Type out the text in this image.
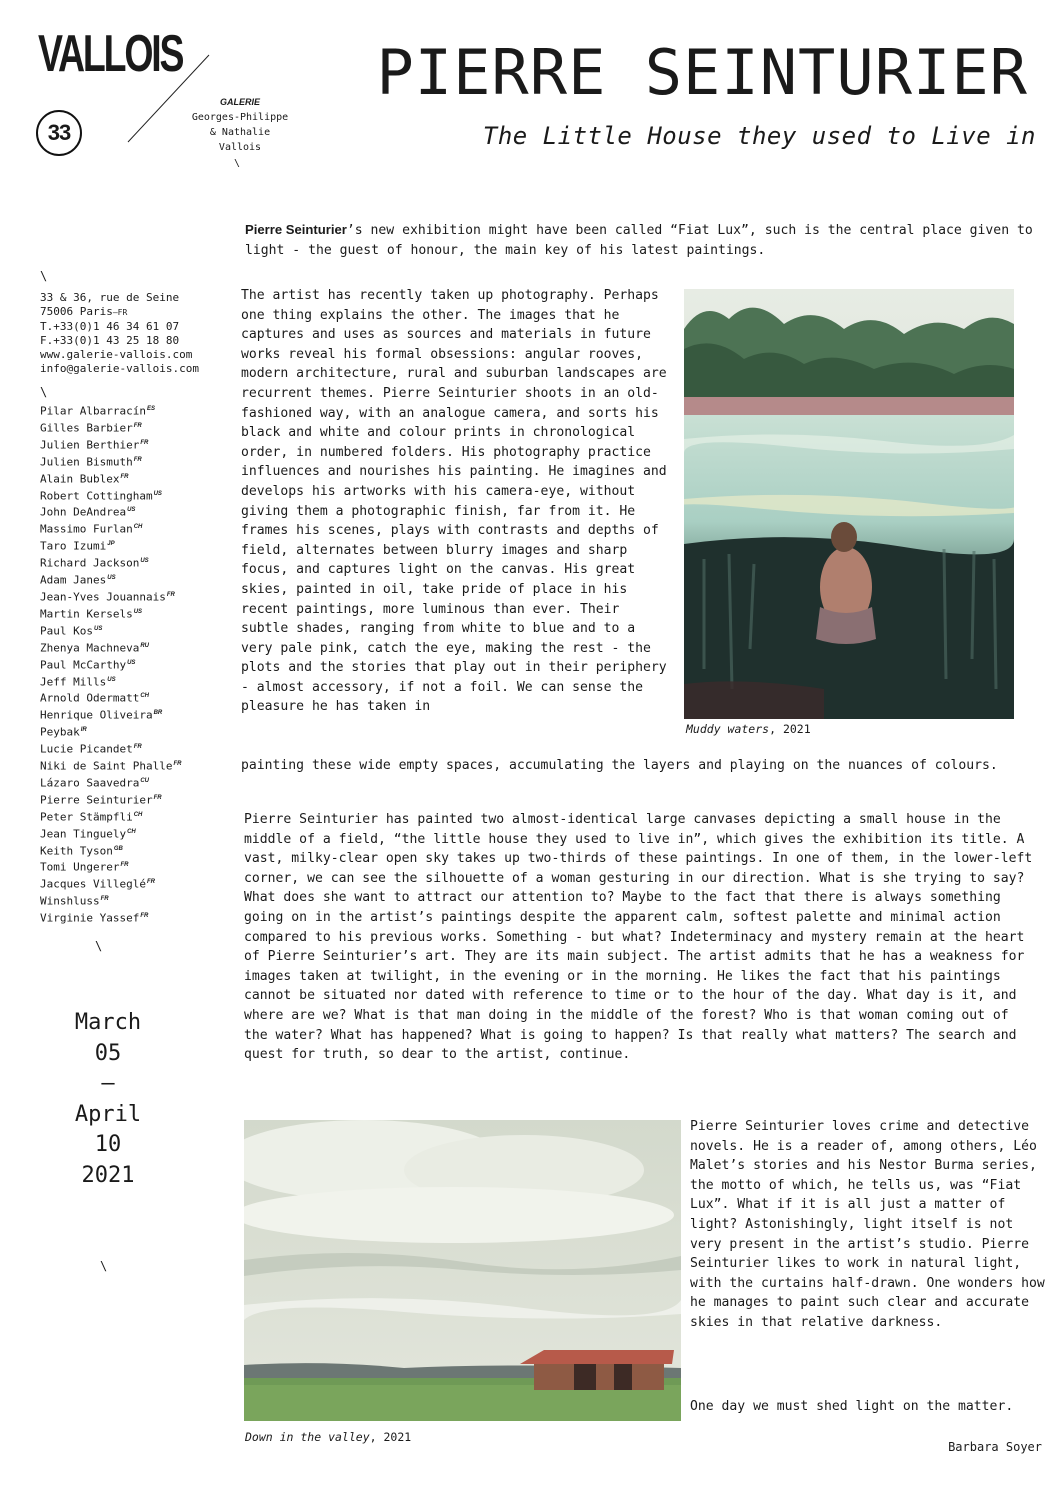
VALLOIS
33
GALERIE
Georges-Philippe
& Nathalie
Vallois
\
PIERRE SEINTURIER
The Little House they used to Live in
\
33 & 36, rue de Seine
75006 Paris—FR
T.+33(0)1 46 34 61 07
F.+33(0)1 43 25 18 80
www.galerie-vallois.com
info@galerie-vallois.com
\
Pilar Albarracín$^{ES}$
Gilles Barbier$^{FR}$
Julien Berthier$^{FR}$
Julien Bismuth$^{FR}$
Alain Bublex$^{FR}$
Robert Cottingham$^{US}$
John DeAndrea$^{US}$
Massimo Furlan$^{CH}$
Taro Izumi$^{JP}$
Richard Jackson$^{US}$
Adam Janes$^{US}$
Jean-Yves Jouannais$^{FR}$
Martin Kersels$^{US}$
Paul Kos$^{US}$
Zhenya Machneva$^{RU}$
Paul McCarthy$^{US}$
Jeff Mills$^{US}$
Arnold Odermatt$^{CH}$
Henrique Oliveira$^{BR}$
Peybak$^{IR}$
Lucie Picandet$^{FR}$
Niki de Saint Phalle$^{FR}$
Lázaro Saavedra$^{CU}$
Pierre Seinturier$^{FR}$
Peter Stämpfli$^{CH}$
Jean Tinguely$^{CH}$
Keith Tyson$^{GB}$
Tomi Ungerer$^{FR}$
Jacques Villeglé$^{FR}$
Winshluss$^{FR}$
Virginie Yassef$^{FR}$
\
March
05
—
April
10
2021
\

Pierre Seinturier’s new exhibition might have been called “Fiat Lux”, such is the central place given to light - the guest of honour, the main key of his latest paintings.

The artist has recently taken up photography. Perhaps one thing explains the other. The images that he captures and uses as sources and materials in future works reveal his formal obsessions: angular rooves, modern architecture, rural and suburban landscapes are recurrent themes. Pierre Seinturier shoots in an old-fashioned way, with an analogue camera, and sorts his black and white and colour prints in chronological order, in numbered folders. His photography practice influences and nourishes his painting. He imagines and develops his artworks with his camera-eye, without giving them a photographic finish, far from it. He frames his scenes, plays with contrasts and depths of field, alternates between blurry images and sharp focus, and captures light on the canvas. His great skies, painted in oil, take pride of place in his recent paintings, more luminous than ever. Their subtle shades, ranging from white to blue and to a very pale pink, catch the eye, making the rest - the plots and the stories that play out in their periphery - almost accessory, if not a foil. We can sense the pleasure he has taken in

painting these wide empty spaces, accumulating the layers and playing on the nuances of colours.

Pierre Seinturier has painted two almost-identical large canvases depicting a small house in the middle of a field, “the little house they used to live in”, which gives the exhibition its title. A vast, milky-clear open sky takes up two-thirds of these paintings. In one of them, in the lower-left corner, we can see the silhouette of a woman gesturing in our direction. What is she trying to say? What does she want to attract our attention to? Maybe to the fact that there is always something going on in the artist’s paintings despite the apparent calm, softest palette and minimal action compared to his previous works. Something - but what? Indeterminacy and mystery remain at the heart of Pierre Seinturier’s art. They are its main subject. The artist admits that he has a weakness for images taken at twilight, in the evening or in the morning. He likes the fact that his paintings cannot be situated nor dated with reference to time or to the hour of the day. What day is it, and where are we? What is that man doing in the middle of the forest? Who is that woman coming out of the water? What has happened? What is going to happen? Is that really what matters? The search and quest for truth, so dear to the artist, continue.

Pierre Seinturier loves crime and detective novels. He is a reader of, among others, Léo Malet’s stories and his Nestor Burma series, the motto of which, he tells us, was “Fiat Lux”. What if it is all just a matter of light? Astonishingly, light itself is not very present in the artist’s studio. Pierre Seinturier likes to work in natural light, with the curtains half-drawn. One wonders how he manages to paint such clear and accurate skies in that relative darkness.

One day we must shed light on the matter.

Muddy waters, 2021
Down in the valley, 2021
Barbara Soyer
